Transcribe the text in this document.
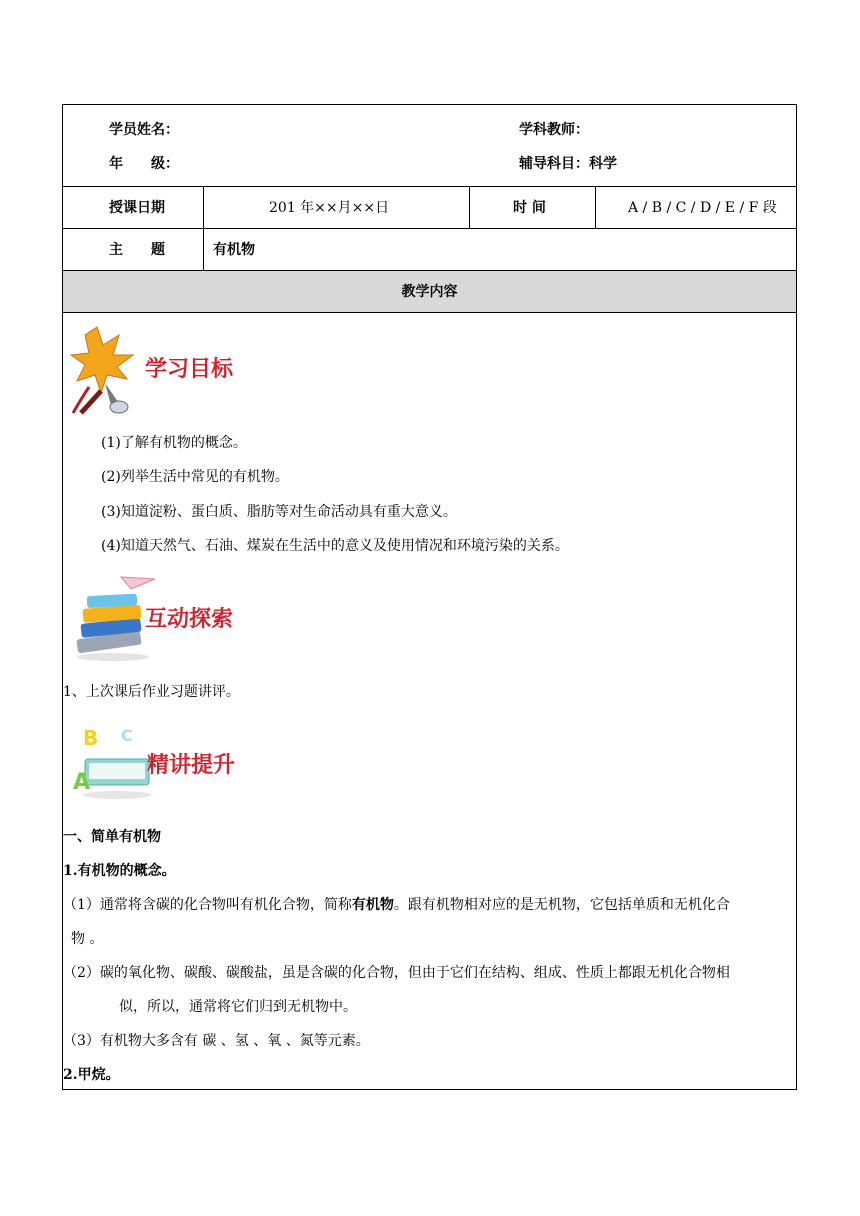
学员姓名：	学科教师：
年　　级：	辅导科目：科学
授课日期	201 年××月××日	时 间	A / B / C / D / E / F 段
主　　题	有机物
教学内容
学习目标
(1)了解有机物的概念。
(2)列举生活中常见的有机物。
(3)知道淀粉、蛋白质、脂肪等对生命活动具有重大意义。
(4)知道天然气、石油、煤炭在生活中的意义及使用情况和环境污染的关系。
互动探索
1、上次课后作业习题讲评。
B C
A
精讲提升
一、简单有机物
1.有机物的概念。
（1）通常将含碳的化合物叫有机化合物，简称有机物。跟有机物相对应的是无机物，它包括单质和无机化合
物 。
（2）碳的氧化物、碳酸、碳酸盐，虽是含碳的化合物，但由于它们在结构、组成、性质上都跟无机化合物相
似，所以，通常将它们归到无机物中。
（3）有机物大多含有 碳 、氢 、氧 、氮等元素。
2.甲烷。
